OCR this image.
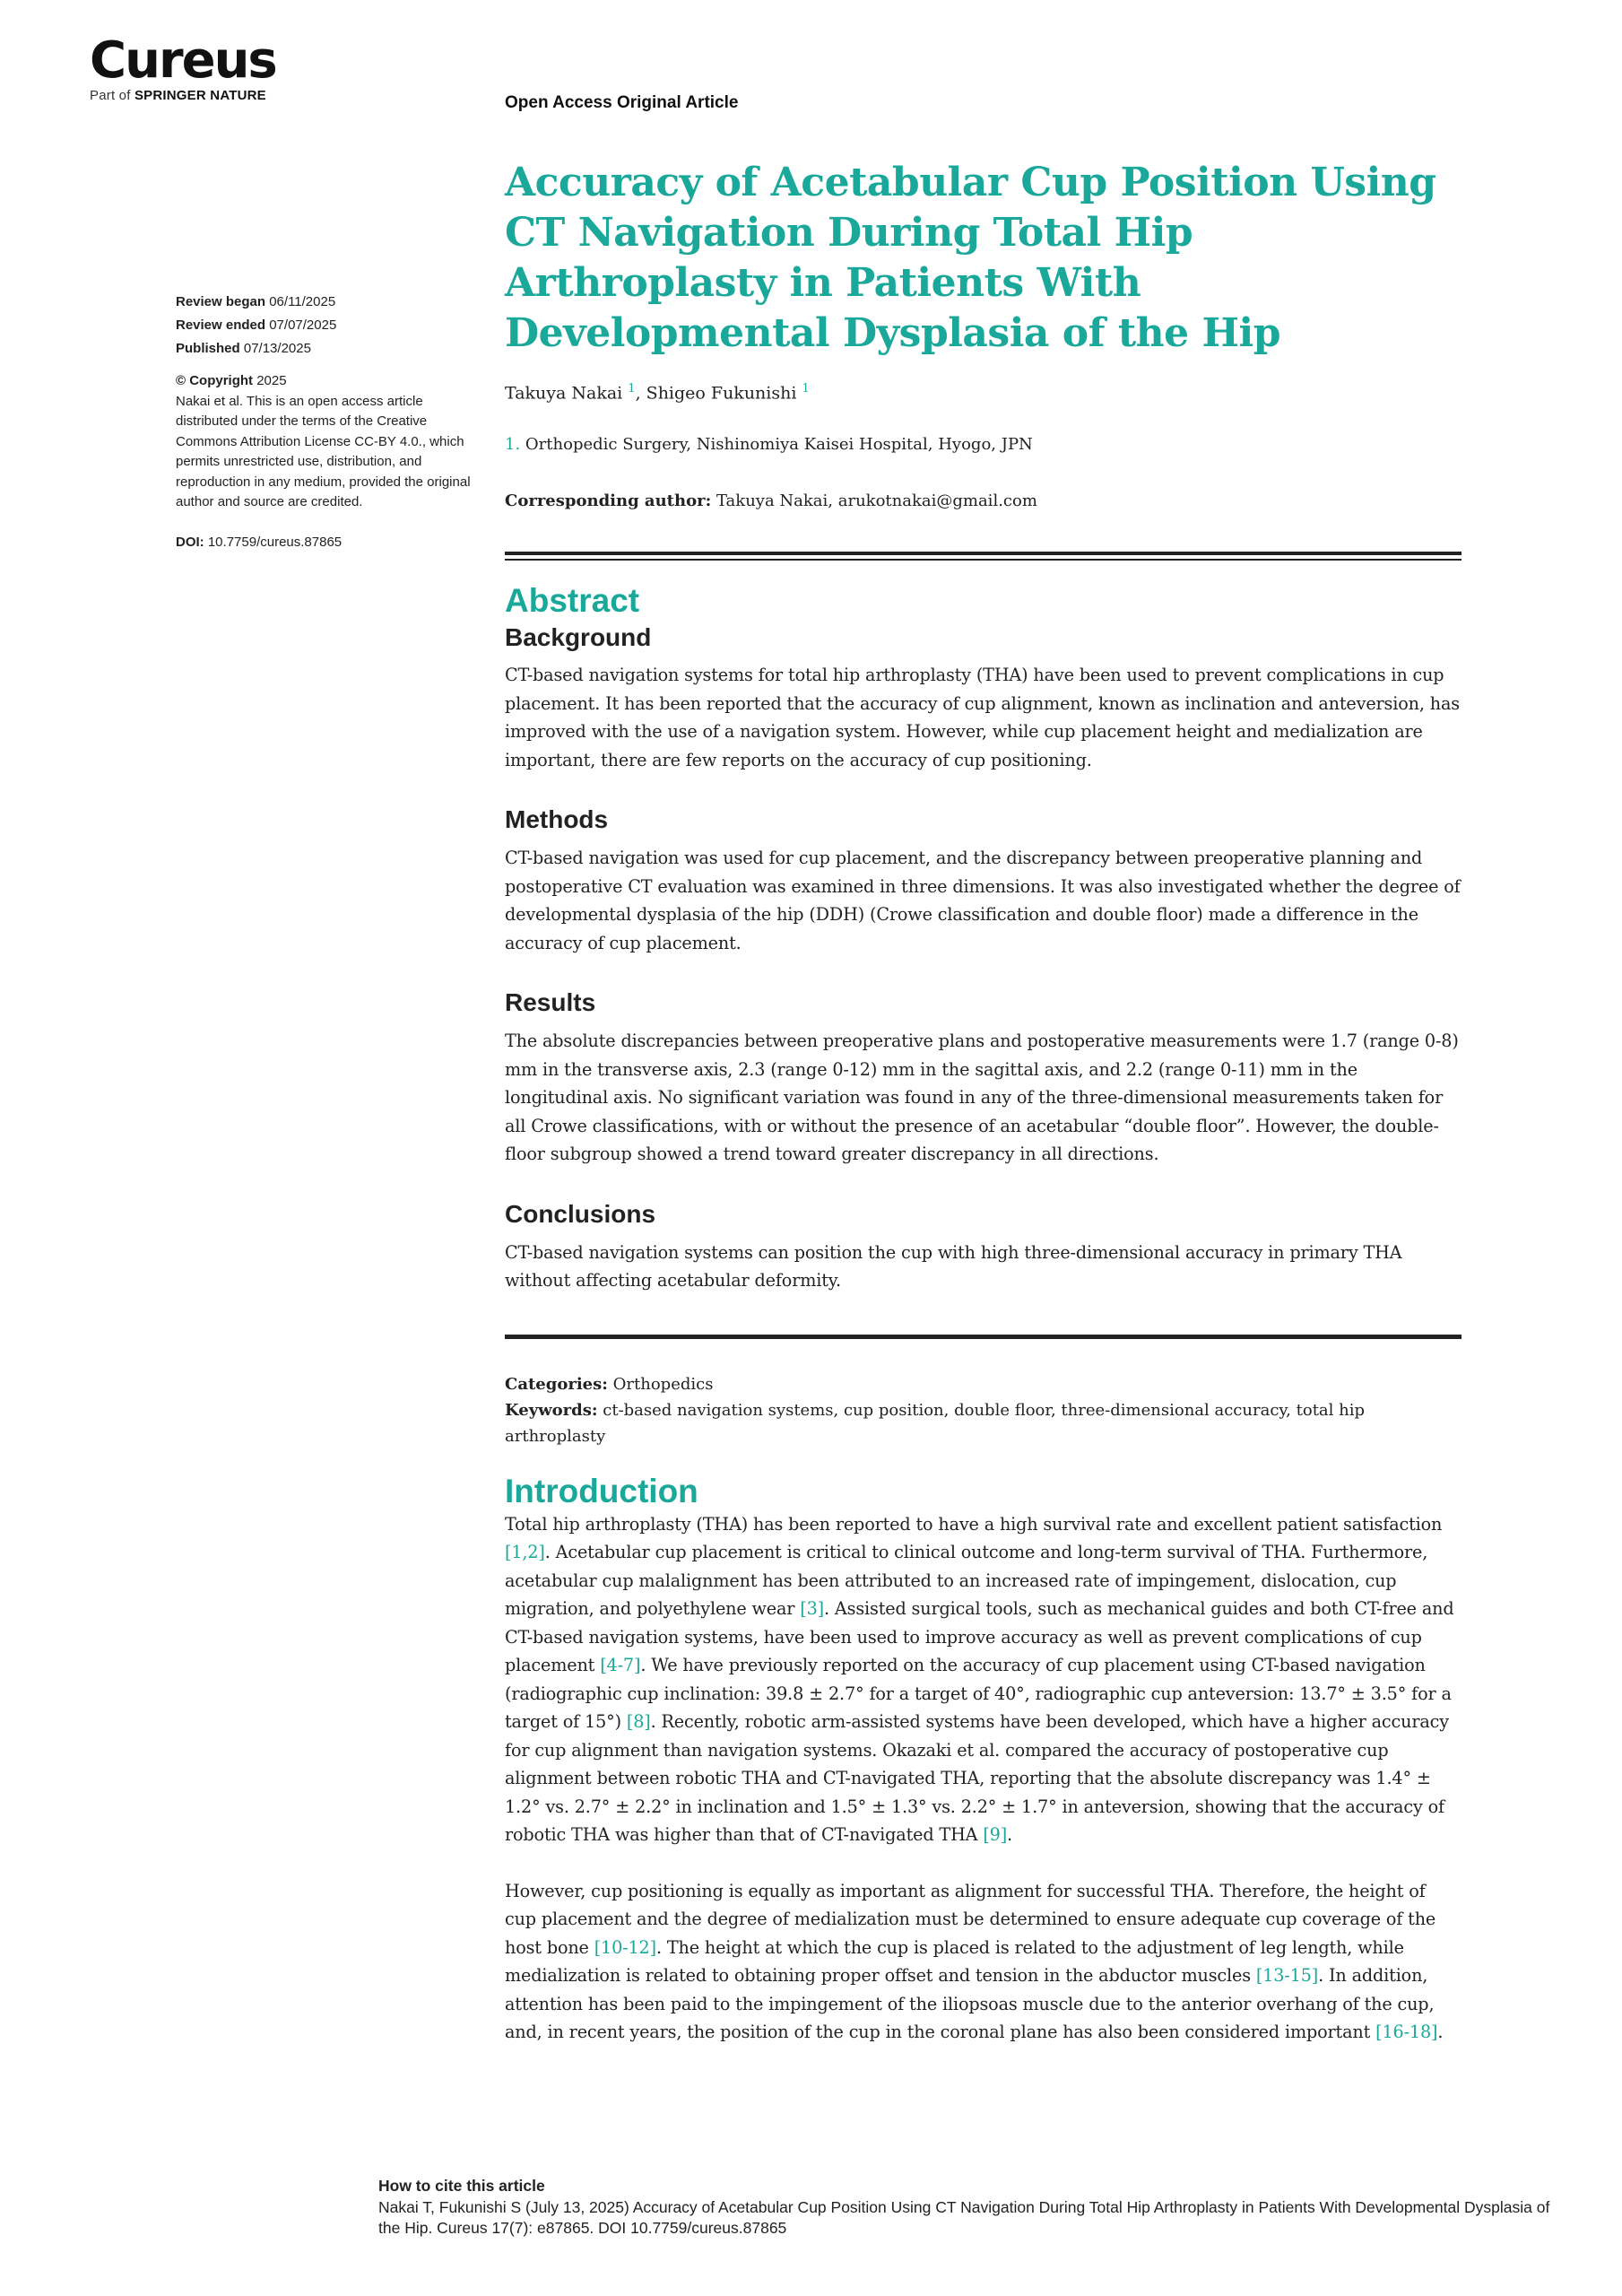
Cureus
Part of SPRINGER NATURE	Open Access Original Article
Review began 06/11/2025
Review ended 07/07/2025
Published 07/13/2025
© Copyright 2025
Nakai et al. This is an open access article distributed under the terms of the Creative Commons Attribution License CC-BY 4.0., which permits unrestricted use, distribution, and reproduction in any medium, provided the original author and source are credited.
DOI: 10.7759/cureus.87865
Accuracy of Acetabular Cup Position Using CT Navigation During Total Hip Arthroplasty in Patients With Developmental Dysplasia of the Hip
Takuya Nakai $^1$, Shigeo Fukunishi $^1$
1. Orthopedic Surgery, Nishinomiya Kaisei Hospital, Hyogo, JPN
Corresponding author: Takuya Nakai, arukotnakai@gmail.com
Abstract
Background

CT-based navigation systems for total hip arthroplasty (THA) have been used to prevent complications in cup placement. It has been reported that the accuracy of cup alignment, known as inclination and anteversion, has improved with the use of a navigation system. However, while cup placement height and medialization are important, there are few reports on the accuracy of cup positioning.

Methods

CT-based navigation was used for cup placement, and the discrepancy between preoperative planning and postoperative CT evaluation was examined in three dimensions. It was also investigated whether the degree of developmental dysplasia of the hip (DDH) (Crowe classification and double floor) made a difference in the accuracy of cup placement.

Results

The absolute discrepancies between preoperative plans and postoperative measurements were 1.7 (range 0-8) mm in the transverse axis, 2.3 (range 0-12) mm in the sagittal axis, and 2.2 (range 0-11) mm in the longitudinal axis. No significant variation was found in any of the three-dimensional measurements taken for all Crowe classifications, with or without the presence of an acetabular “double floor”. However, the double-floor subgroup showed a trend toward greater discrepancy in all directions.

Conclusions

CT-based navigation systems can position the cup with high three-dimensional accuracy in primary THA without affecting acetabular deformity.

Categories: Orthopedics
Keywords: ct-based navigation systems, cup position, double floor, three-dimensional accuracy, total hip arthroplasty
Introduction

Total hip arthroplasty (THA) has been reported to have a high survival rate and excellent patient satisfaction [1,2]. Acetabular cup placement is critical to clinical outcome and long-term survival of THA. Furthermore, acetabular cup malalignment has been attributed to an increased rate of impingement, dislocation, cup migration, and polyethylene wear [3]. Assisted surgical tools, such as mechanical guides and both CT-free and CT-based navigation systems, have been used to improve accuracy as well as prevent complications of cup placement [4-7]. We have previously reported on the accuracy of cup placement using CT-based navigation (radiographic cup inclination: 39.8 ± 2.7° for a target of 40°, radiographic cup anteversion: 13.7° ± 3.5° for a target of 15°) [8]. Recently, robotic arm-assisted systems have been developed, which have a higher accuracy for cup alignment than navigation systems. Okazaki et al. compared the accuracy of postoperative cup alignment between robotic THA and CT-navigated THA, reporting that the absolute discrepancy was 1.4° ± 1.2° vs. 2.7° ± 2.2° in inclination and 1.5° ± 1.3° vs. 2.2° ± 1.7° in anteversion, showing that the accuracy of robotic THA was higher than that of CT-navigated THA [9].

However, cup positioning is equally as important as alignment for successful THA. Therefore, the height of cup placement and the degree of medialization must be determined to ensure adequate cup coverage of the host bone [10-12]. The height at which the cup is placed is related to the adjustment of leg length, while medialization is related to obtaining proper offset and tension in the abductor muscles [13-15]. In addition, attention has been paid to the impingement of the iliopsoas muscle due to the anterior overhang of the cup, and, in recent years, the position of the cup in the coronal plane has also been considered important [16-18].

How to cite this article
Nakai T, Fukunishi S (July 13, 2025) Accuracy of Acetabular Cup Position Using CT Navigation During Total Hip Arthroplasty in Patients With Developmental Dysplasia of the Hip. Cureus 17(7): e87865. DOI 10.7759/cureus.87865
